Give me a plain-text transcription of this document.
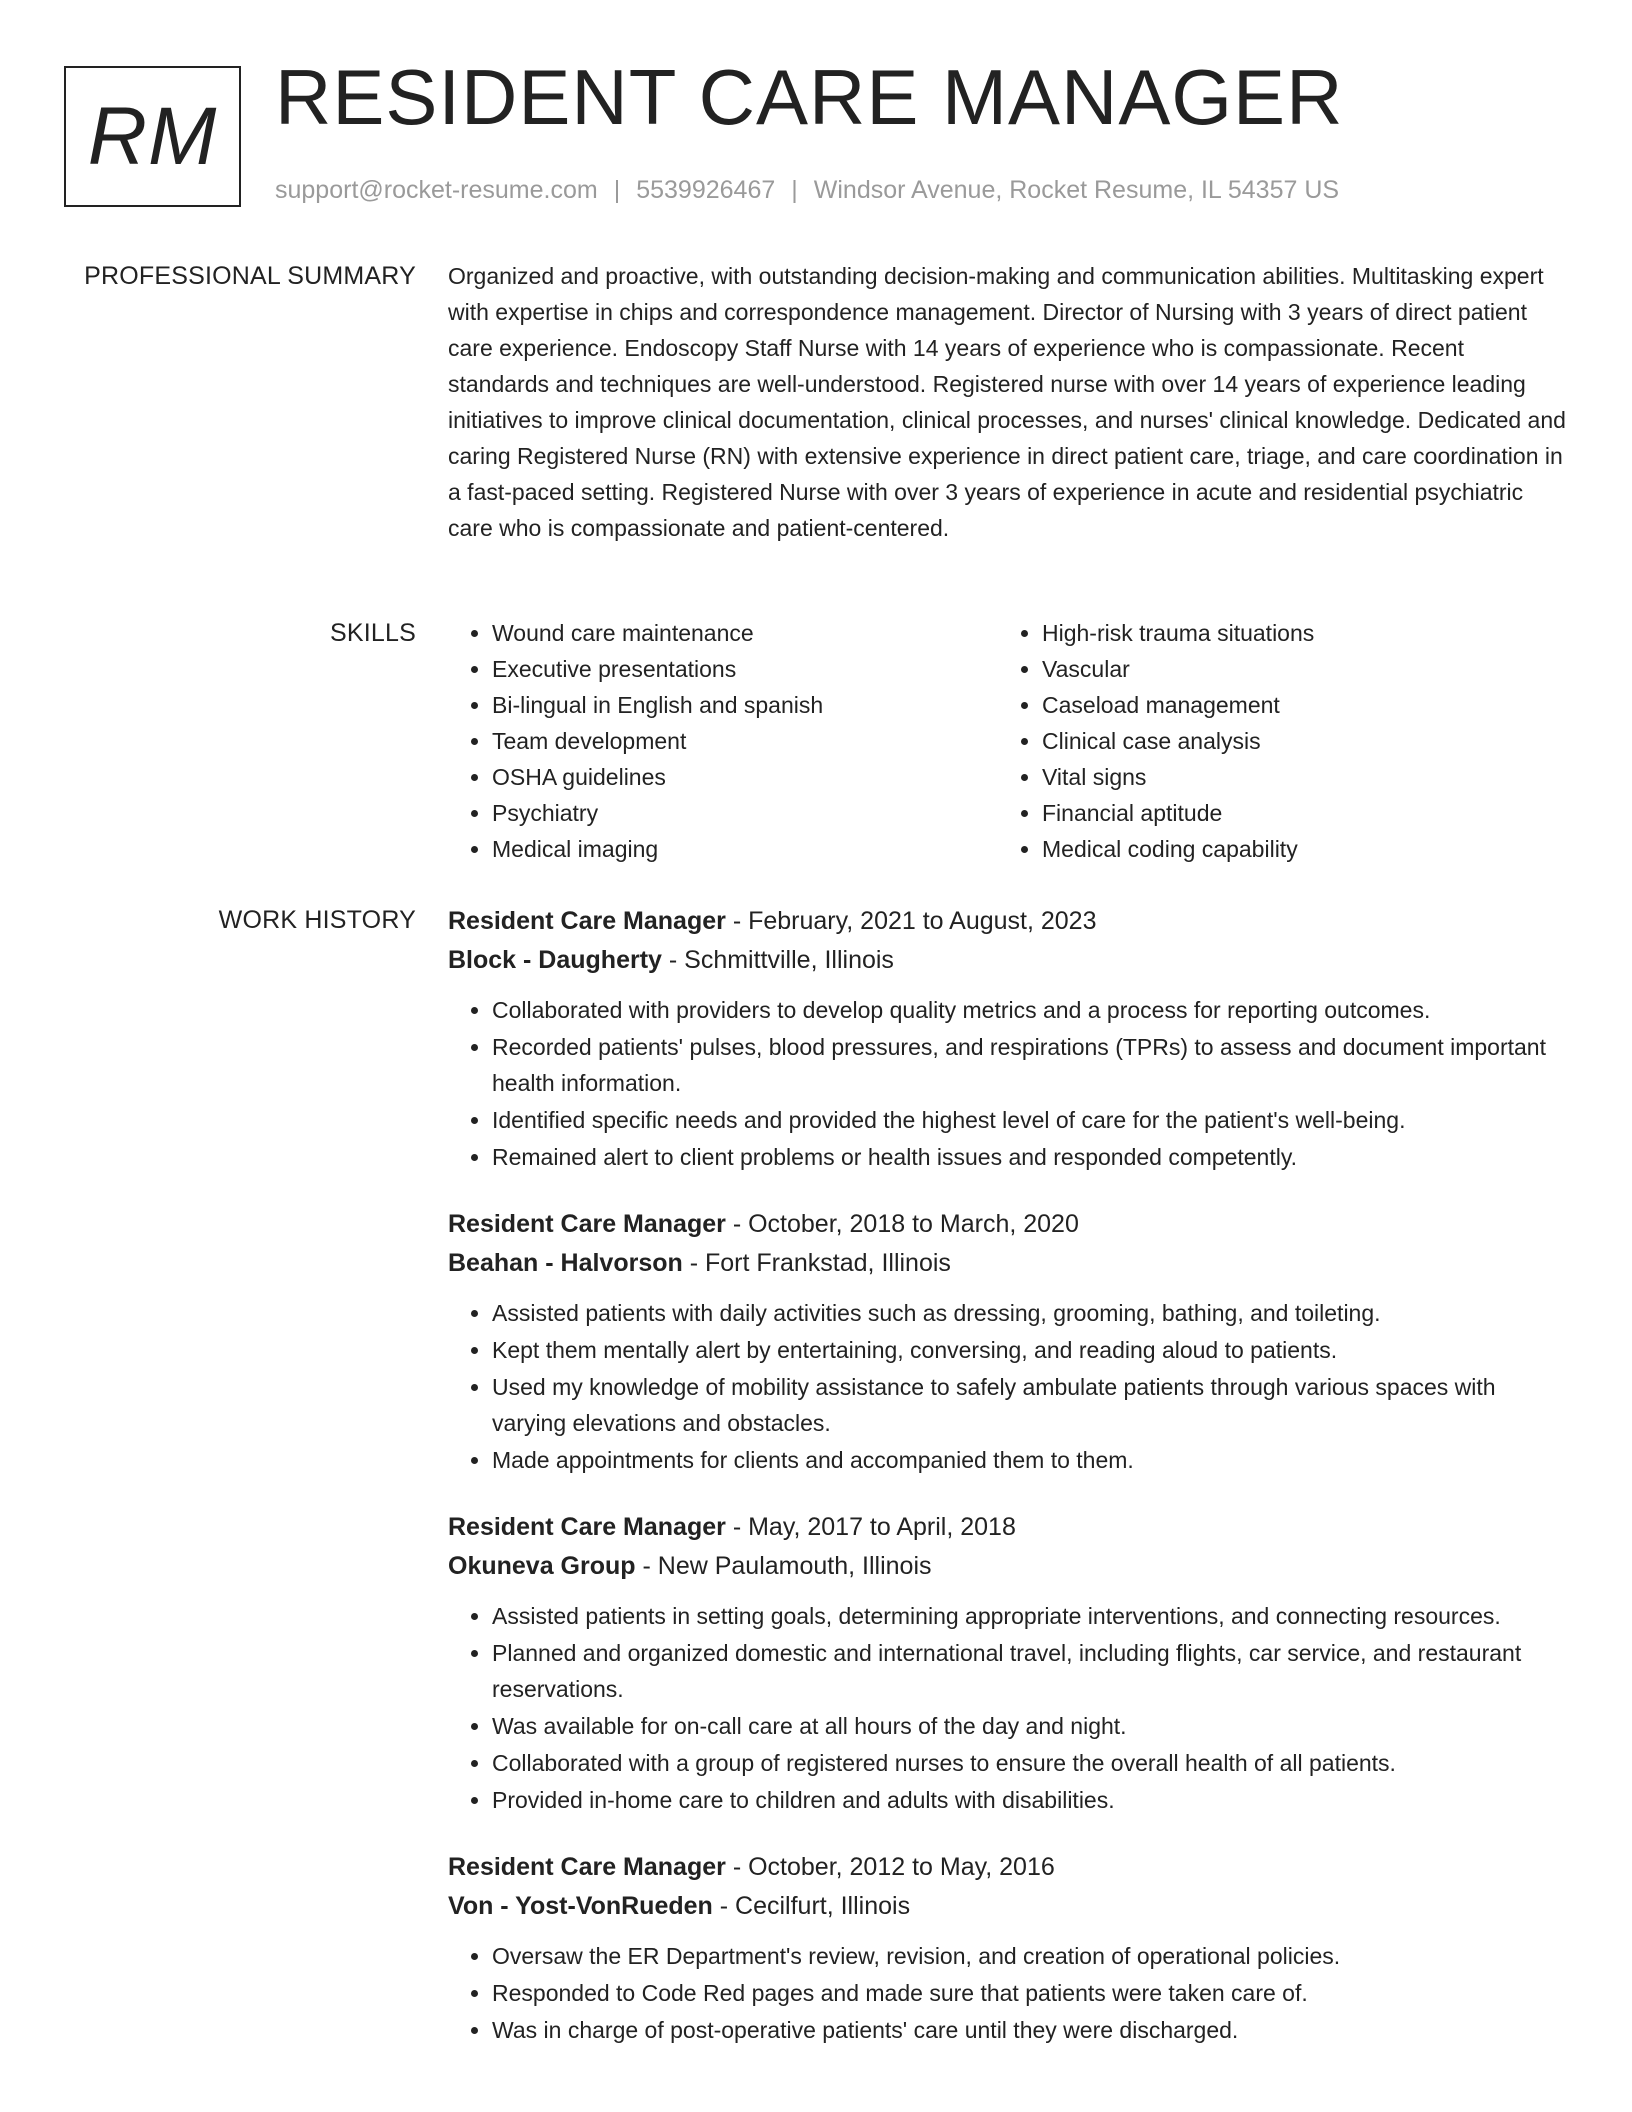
RM RESIDENT CARE MANAGER
support@rocket-resume.com | 5539926467 | Windsor Avenue, Rocket Resume, IL 54357 US
PROFESSIONAL SUMMARY Organized and proactive, with outstanding decision-making and communication abilities. Multitasking expert with expertise in chips and correspondence management. Director of Nursing with 3 years of direct patient care experience. Endoscopy Staff Nurse with 14 years of experience who is compassionate. Recent standards and techniques are well-understood. Registered nurse with over 14 years of experience leading initiatives to improve clinical documentation, clinical processes, and nurses' clinical knowledge. Dedicated and caring Registered Nurse (RN) with extensive experience in direct patient care, triage, and care coordination in a fast-paced setting. Registered Nurse with over 3 years of experience in acute and residential psychiatric care who is compassionate and patient-centered.

SKILLS
•	Wound care maintenance
• Executive presentations
• Bi-lingual in English and spanish
• Team development
• OSHA guidelines
• Psychiatry
• Medical imaging
• High-risk trauma situations
• Vascular
• Caseload management
• Clinical case analysis
• Vital signs
• Financial aptitude
• Medical coding capability
WORK HISTORY Resident Care Manager - February, 2021 to August, 2023
Block - Daugherty - Schmittville, Illinois
• Collaborated with providers to develop quality metrics and a process for reporting outcomes.
• Recorded patients' pulses, blood pressures, and respirations (TPRs) to assess and document important health information.
• Identified specific needs and provided the highest level of care for the patient's well-being.
• Remained alert to client problems or health issues and responded competently.
Resident Care Manager - October, 2018 to March, 2020
Beahan - Halvorson - Fort Frankstad, Illinois
• Assisted patients with daily activities such as dressing, grooming, bathing, and toileting.
• Kept them mentally alert by entertaining, conversing, and reading aloud to patients.
• Used my knowledge of mobility assistance to safely ambulate patients through various spaces with varying elevations and obstacles.
• Made appointments for clients and accompanied them to them.
Resident Care Manager - May, 2017 to April, 2018
Okuneva Group - New Paulamouth, Illinois
• Assisted patients in setting goals, determining appropriate interventions, and connecting resources.
• Planned and organized domestic and international travel, including flights, car service, and restaurant reservations.
• Was available for on-call care at all hours of the day and night.
• Collaborated with a group of registered nurses to ensure the overall health of all patients.
• Provided in-home care to children and adults with disabilities.
Resident Care Manager - October, 2012 to May, 2016
Von - Yost-VonRueden - Cecilfurt, Illinois
• Oversaw the ER Department's review, revision, and creation of operational policies.
• Responded to Code Red pages and made sure that patients were taken care of.
• Was in charge of post-operative patients' care until they were discharged.
